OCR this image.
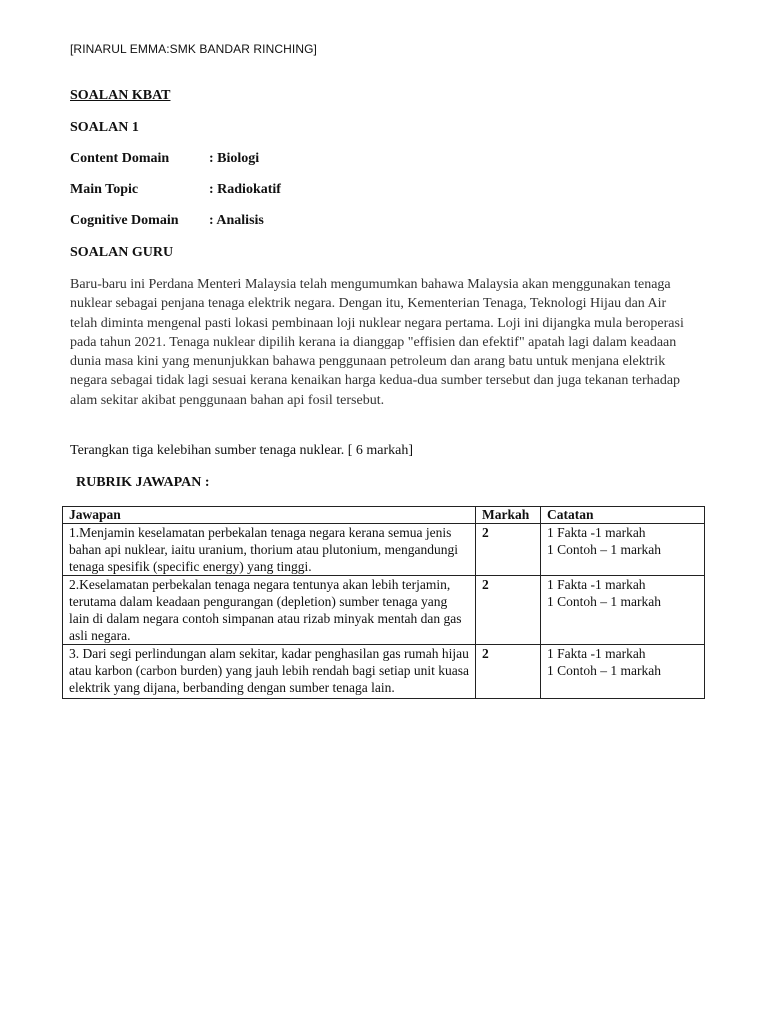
[RINARUL EMMA:SMK BANDAR RINCHING]
SOALAN KBAT
SOALAN 1
Content Domain	: Biologi
Main Topic	: Radiokatif
Cognitive Domain	: Analisis
SOALAN GURU
Baru-baru ini Perdana Menteri Malaysia telah mengumumkan bahawa Malaysia akan menggunakan tenaga nuklear sebagai penjana tenaga elektrik negara. Dengan itu, Kementerian Tenaga, Teknologi Hijau dan Air telah diminta mengenal pasti lokasi pembinaan loji nuklear negara pertama. Loji ini dijangka mula beroperasi pada tahun 2021. Tenaga nuklear dipilih kerana ia dianggap "effisien dan efektif" apatah lagi dalam keadaan dunia masa kini yang menunjukkan bahawa penggunaan petroleum dan arang batu untuk menjana elektrik negara sebagai tidak lagi sesuai kerana kenaikan harga kedua-dua sumber tersebut dan juga tekanan terhadap alam sekitar akibat penggunaan bahan api fosil tersebut.
Terangkan tiga kelebihan sumber tenaga nuklear. [ 6 markah]
RUBRIK JAWAPAN :
Jawapan	Markah	Catatan

1.Menjamin keselamatan perbekalan tenaga negara kerana semua jenis bahan api nuklear, iaitu uranium, thorium atau plutonium, mengandungi tenaga spesifik (specific energy) yang tinggi.	2	1 Fakta -1 markah
1 Contoh – 1 markah

2.Keselamatan perbekalan tenaga negara tentunya akan lebih terjamin, terutama dalam keadaan pengurangan (depletion) sumber tenaga yang lain di dalam negara contoh simpanan atau rizab minyak mentah dan gas asli negara.	2	1 Fakta -1 markah
1 Contoh – 1 markah

3. Dari segi perlindungan alam sekitar, kadar penghasilan gas rumah hijau atau karbon (carbon burden) yang jauh lebih rendah bagi setiap unit kuasa elektrik yang dijana, berbanding dengan sumber tenaga lain.	2	1 Fakta -1 markah
1 Contoh – 1 markah
